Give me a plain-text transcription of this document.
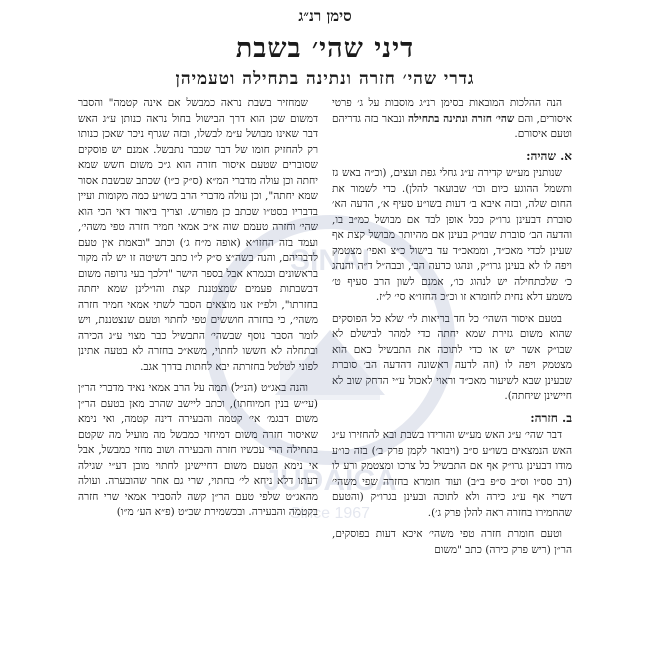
סימן רנ״ג
דיני שהי׳ בשבת
גדרי שהי׳ חזרה ונתינה בתחילה וטעמיהן

הנה ההלכות המובאות בסימן רנ״ג מוסבות על ג׳ פרטי איסורים, והם שהי׳ חזרה ונתינה בתחילה ונבאר בזה גדריהם וטעם איסורם.

א. שהיה:

שנותנין מע״ש קדירה ע״ג גחלי גפת ועצים, (וכ״ה באש גז ותשמל ההוגע כיום וכו׳ שבועאר להלן). כדי לשמור את החום שלה, ובזה איבא ב׳ דעות בשו״ע סעיף א׳, הדעה הא׳ סוברת דבעינן גרו״ק ככל אופן לבד אם מבושל כמ״ב בו, והדעה הב׳ סוברת שבו״ק בעינן אם מהיותר מבושל קצת אף שעינן לכדי מאכ״ד, וממאכ״ד עד בישול כ״צ ואפי׳ מצטמק ויפה לו לא בעינן גרו״ק, ונהגו כדעה הב׳, ובבה״ל ד״ה והנהג כ׳ שלכתחילה יש לנהוג כו׳, אמנם לשון הרב סעיף ט׳ משמע דלא נחית לחומרא זו וכ״כ החזו״א סי׳ ל״ז.

בטעם איסור השהי׳ כל חד בריאות לי׳ שלא כל הפוסקים שהוא משום גזירת שמא יחתה כדי למהר לבישלם לא שבו״ק אשר יש או כדי לתוכה את התבשיל כאם הוא מצטמק ויפה לו (וזה לדעה ראשונה דהדעה הב׳ סוברת שבעינן שבא לשיעור מאכ״ד וראוי לאכול ע״י הדחק שוב לא חיישינן שיחתה).

ב. חזרה:

דבר שהי׳ ע״ג האש מע״ש והורידו בשבת ובא להחזירו ע״ג האש הנמצאים בשו״ע ס״ב (ויבואר לקמן פרק ב׳) בזה כו״ע מודו דבעינן גרו״ק אף אם התבשיל כל צרכו ומצטמק ורע לו (רב סס״ו וס״ב ס״פ ב״ב) ועוד חומרא בחזרה שפי משהי׳ דשרי אף ע״ג כירה ולא לתוכה ובעינן בגרו״ק (והטעם שהחמירו בחזרה ראה להלן פרק ג׳).

וטעם חומרת חזרה טפי משהי׳ איכא דעות בפוסקים, הר״ן (ריש פרק כירה) כתב "משום

שמחזיר בשבת נראה כמבשל אם אינה קטמה" והסבר דמשום שכן הוא דרך הבישול בחול נראה כנותן ע״ג האש דבר שאינו מבושל ע״מ לבשלו, ובזה שגרף ניכר שאכן כנותו רק להחזיק חומו של דבר שכבר נתבשל. אמנם יש פוסקים שסוברים שטעם איסור חזרה הוא ג״כ משום חשש שמא יחתה וכן עולה מדברי המ״א (ס״ק כ״ו) שכתב שבשבת אסור שמא יחתה", וכן עולה מדברי הרב בשו״ע כמה מקומות ועיין בדבריו בסט״ו שכתב כן מפורש. וצריך ביאור דאי הכי הוא שהי׳ וחזרה טעמם שוה א״כ אמאי חמיר חזרה טפי משהי׳, ועמד בזה החזו״א (אופה מ״ח ג׳) וכתב "ובאמת אין טעם לדבריהם, והנה בשה״צ ס״ק ל״ו כתב דשיטה זו יש לה מקור בראשונים ובגמרא אבל בספר הישר "דלכך בעי גרופה משום דבשבתות פעמים שמצטננת קצת והו״לינן שמא יחתה בחזרתו", ולפ״ז אנו מוצאים הסבר לשתי אמאי חמיר חזרה משהי׳, כי בחזרה חוששים טפי לחתוי וטעם שנצטננת, ויש לומר הסבר נוסף שבשהי׳ התבשיל כבר מצוי ע״ג הכירה ובתחלה לא חששו לחתוי, משא״כ בחזרה לא בטעה אתינן לפוני לטלטל בחזרתה יבא לחתות בדרך אגב.

והנה באג״ט (הנ״ל) תמה על הרב אמאי נאיד מדברי הר״ן (עי״ש בנין חמיוחתו), וכתב ליישב שהרב מאן בטעם הר״ן משום דבגמ׳ אי׳ קטמה והבעירה דינה קטמה, ואי נימא שאיסור חזרה משום דמיחזי כמבשל מה מועיל מה שקטם בתחילה הרי עכשיו חזרה והבעירה ושוב מחזי כמבשל, אבל אי נימא הטעם משום דחיישינן לחתוי מובן דע״י שגילה דעתו דלא ניחא לי׳ בחתוי, שרי גם אחר שהובערה. ועולה מהאג״ט שלפי טעם הר״ן קשה להסביר אמאי שרי חזרה בקטמה והבעירה. ובכשמירת שב״ט (פ״א הע׳ מ״ו)

SINAI
JUDAICA
Since 1967
